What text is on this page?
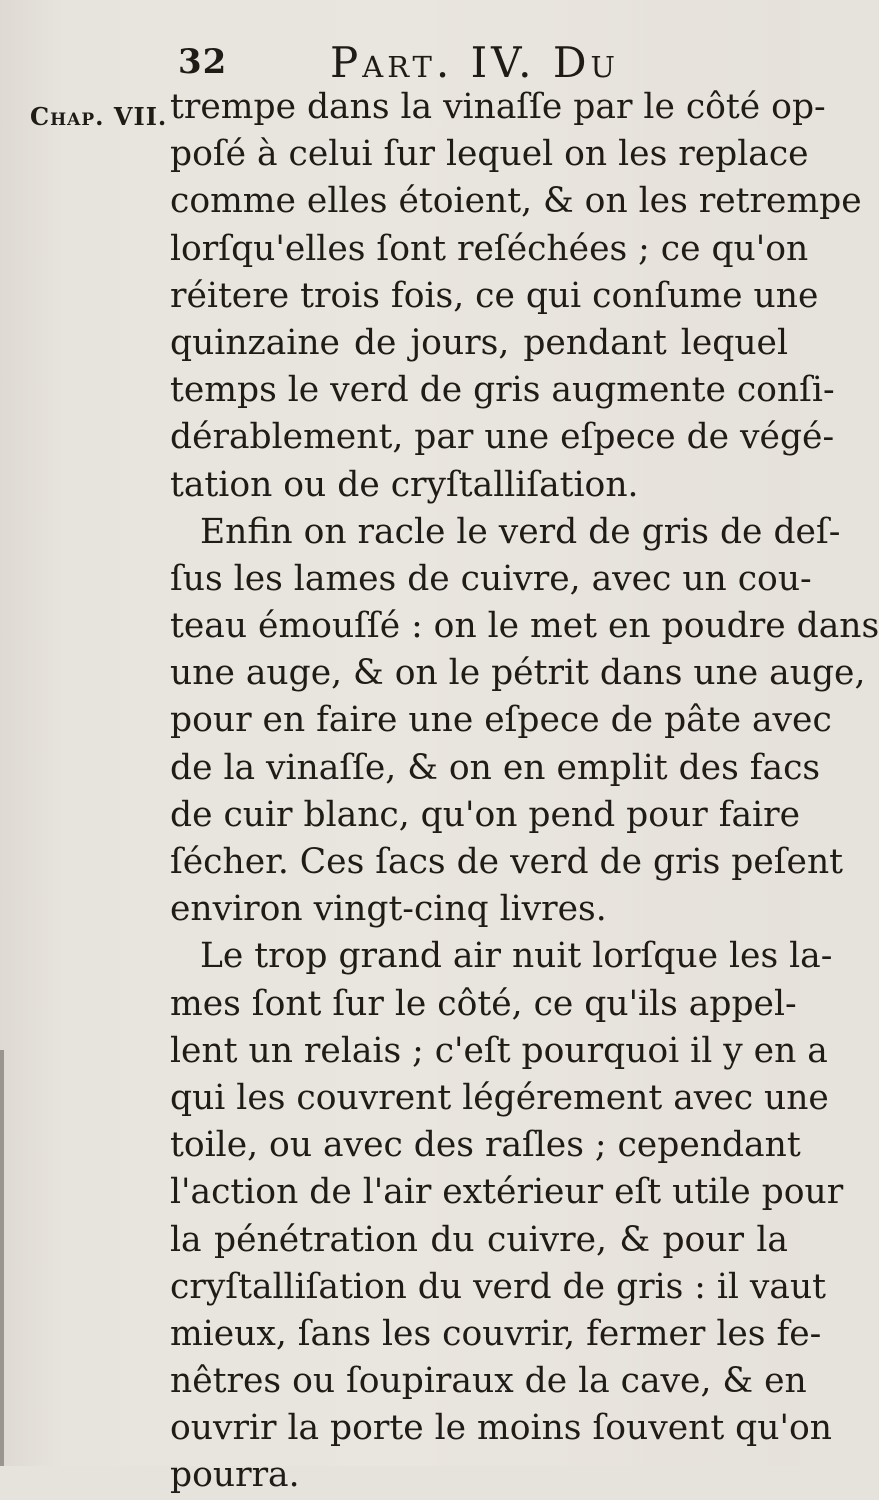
32 Part. IV. Du
Chap. VII. trempe dans la vinaſſe par le côté op-
poſé à celui ſur lequel on les replace
comme elles étoient, & on les retrempe
lorſqu'elles ſont reſéchées ; ce qu'on
réitere trois fois, ce qui conſume une
quinzaine de jours, pendant lequel
temps le verd de gris augmente conſi-
dérablement, par une eſpece de végé-
tation ou de cryſtalliſation.
Enfin on racle le verd de gris de deſ-
ſus les lames de cuivre, avec un cou-
teau émouſſé : on le met en poudre dans
une auge, & on le pétrit dans une auge,
pour en faire une eſpece de pâte avec
de la vinaſſe, & on en emplit des facs
de cuir blanc, qu'on pend pour faire
ſécher. Ces ſacs de verd de gris peſent
environ vingt-cinq livres.
Le trop grand air nuit lorſque les la-
mes ſont ſur le côté, ce qu'ils appel-
lent un relais ; c'eſt pourquoi il y en a
qui les couvrent légérement avec une
toile, ou avec des raſles ; cependant
l'action de l'air extérieur eſt utile pour
la pénétration du cuivre, & pour la
cryſtalliſation du verd de gris : il vaut
mieux, ſans les couvrir, fermer les fe-
nêtres ou ſoupiraux de la cave, & en
ouvrir la porte le moins ſouvent qu'on
pourra.
